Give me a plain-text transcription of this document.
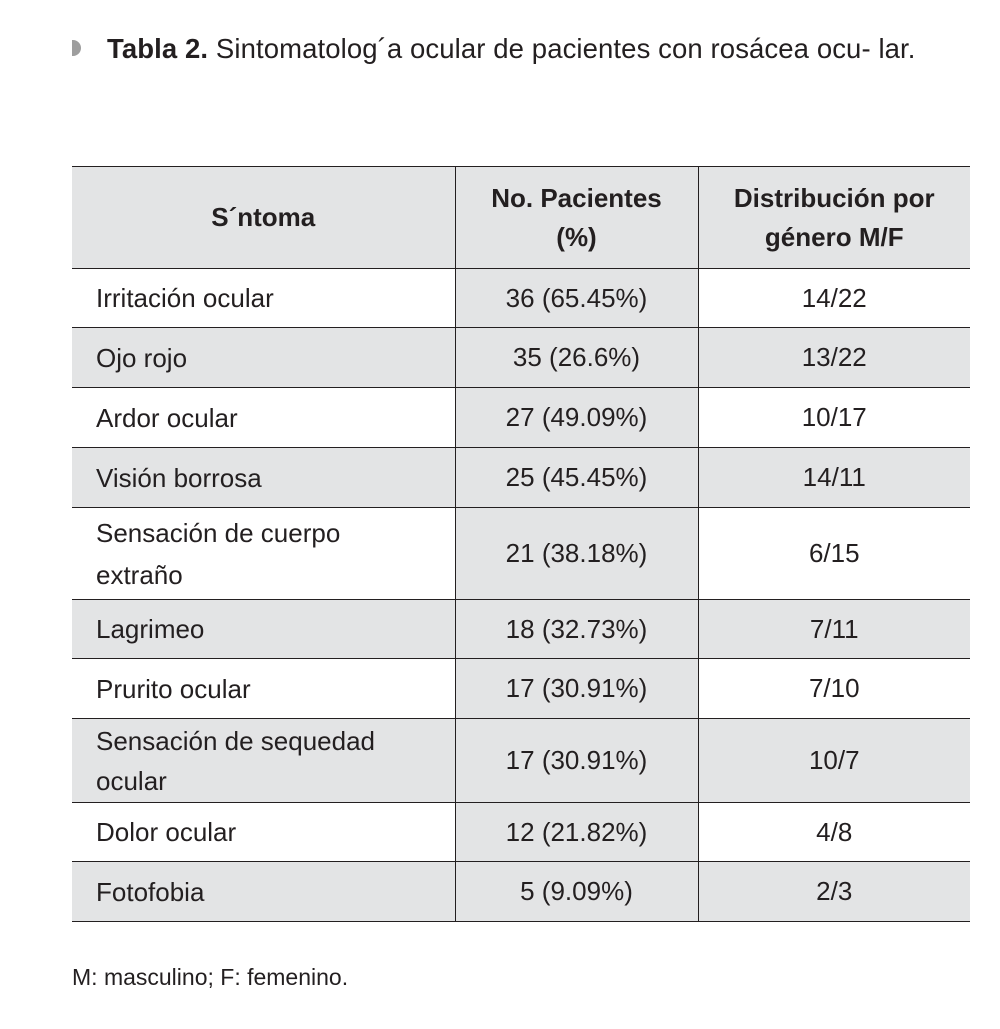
Tabla 2. Sintomatolog´a ocular de pacientes con rosácea ocu- lar.
S´ntoma	No. Pacientes (%)	Distribución por género M/F

Irritación ocular	36 (65.45%)	14/22
Ojo rojo	35 (26.6%)	13/22
Ardor ocular	27 (49.09%)	10/17
Visión borrosa	25 (45.45%)	14/11

Sensación de cuerpo extraño	21 (38.18%)	6/15
Lagrimeo	18 (32.73%)	7/11
Prurito ocular	17 (30.91%)	7/10

Sensación de sequedad ocular	17 (30.91%)	10/7
Dolor ocular	12 (21.82%)	4/8
Fotofobia	5 (9.09%)	2/3
M: masculino; F: femenino.
